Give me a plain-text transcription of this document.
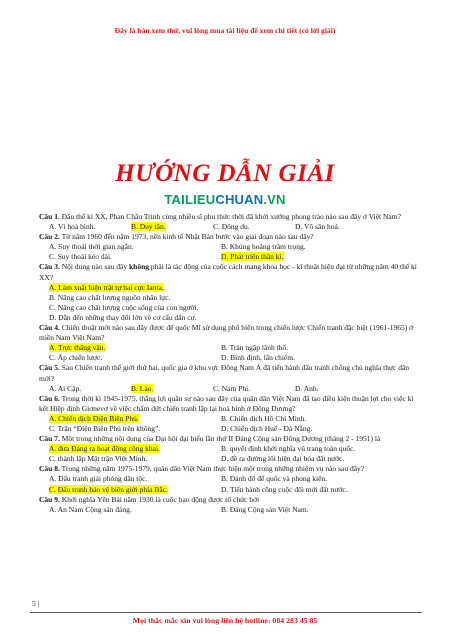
Đây là bản xem thử, vui lòng mua tài liệu để xem chi tiết (có lời giải)
HƯỚNG DẪN GIẢI
TAILIEUCHUAN.VN
Câu 1. Đầu thế kỉ XX, Phan Châu Trinh cùng nhiều sĩ phu thức thời đã khởi xướng phong trào nào sau đây ở Việt Nam?
A. Vì hoà bình.	B. Duy tân.	C. Đông du.	D. Võ sân hoá.
Câu 2. Từ năm 1960 đến năm 1973, nền kinh tế Nhật Bản bước vào giai đoạn nào sau đây?
A. Suy thoái thời gian ngắn.	B. Khủng hoảng trầm trọng.
C. Suy thoái kéo dài.	D. Phát triển thần kì.
Câu 3. Nội dung nào sau đây không phải là tác động của cuộc cách mạng khoa học - kĩ thuật hiện đại từ những năm 40 thế kỉ XX?
A. Làm xuất hiện trật tự hai cực Ianta.
B. Nâng cao chất lượng nguồn nhân lực.
C. Nâng cao chất lượng cuộc sống của con người.
D. Dẫn đến những thay đổi lớn về cơ cấu dân cư.
Câu 4. Chiến thuật mới nào sau đây được đế quốc Mĩ sử dụng phổ biến trong chiến lược Chiến tranh đặc biệt (1961-1965) ở miền Nam Việt Nam?
A. Trực thăng vận.	B. Tràn ngập lãnh thổ.
C. Ấp chiến lược.	D. Bình định, lấn chiếm.
Câu 5. Sau Chiến tranh thế giới thứ hai, quốc gia ở khu vực Đông Nam Á đã tiến hành đấu tranh chống chủ nghĩa thực dân mới?
A. Ai Cập.	B. Lào.	C. Nam Phi.	D. Anh.
Câu 6. Trong thời kì 1945-1975, thắng lợi quân sự nào sau đây của quân dân Việt Nam đã tạo điều kiện thuận lợi cho việc kí kết Hiệp định Giơnevơ về việc chấm dứt chiến tranh lập lại hoà bình ở Đông Dương?
A. Chiến dịch Điện Biên Phủ.	B. Chiến dịch Hồ Chí Minh.
C. Trận “Điện Biên Phủ trên không”.	D. Chiến dịch Huế - Đà Nẵng.
Câu 7. Một trong những nội dung của Đại hội đại biểu lần thứ II Đảng Cộng sản Đông Dương (tháng 2 - 1951) là
A. đưa Đảng ra hoạt động công khai.	B. quyết định khởi nghĩa vũ trang toàn quốc.
C. thành lập Mặt trận Việt Minh.	D. đề ra đường lối hiện đại hóa đất nước.
Câu 8. Trong những năm 1975-1979, quân dân Việt Nam thực hiện một trong những nhiệm vụ nào sau đây?
A. Đấu tranh giải phóng dân tộc.	B. Đánh đổ đế quốc và phong kiến.
C. Đấu tranh bảo vệ biên giới phía Bắc.	D. Tiến hành công cuộc đổi mới đất nước.
Câu 9. Khởi nghĩa Yên Bái năm 1930 là cuộc bạo động được tổ chức bởi
A. An Nam Cộng sản đảng.	B. Đảng Cộng sản Việt Nam.
5 |
Mọi thắc mắc xin vui lòng liên hệ hotline: 084 283 45 85
